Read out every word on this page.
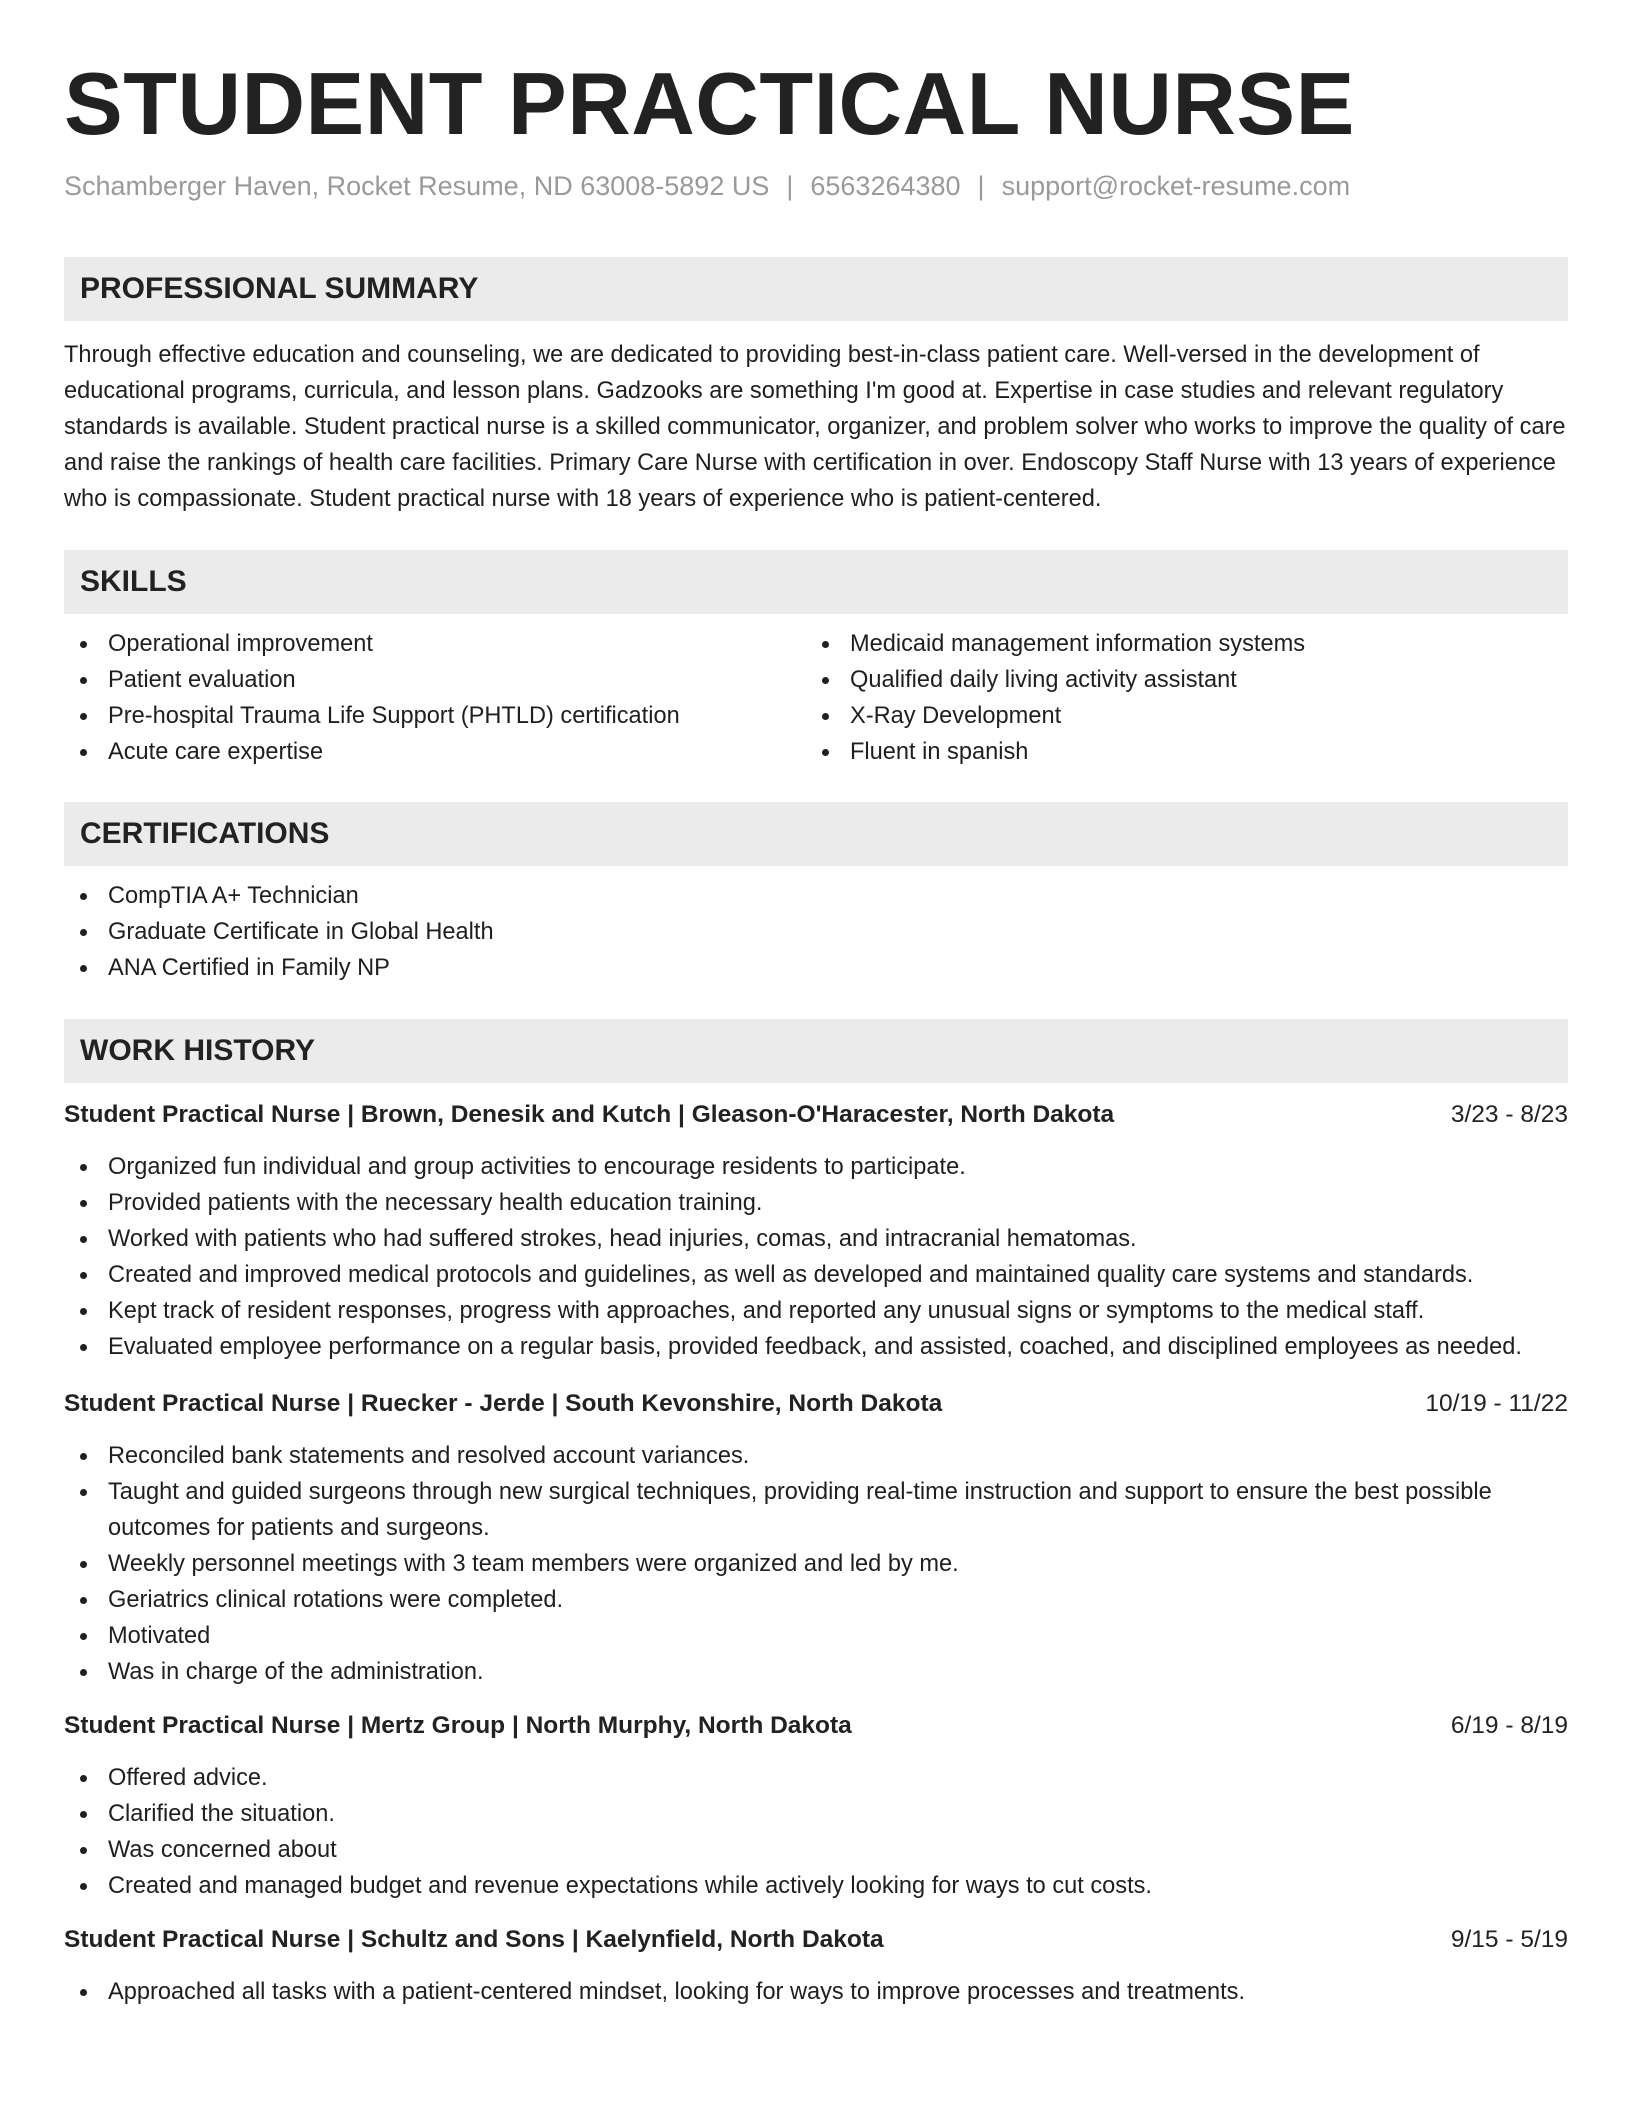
STUDENT PRACTICAL NURSE
Schamberger Haven, Rocket Resume, ND 63008-5892 US | 6563264380 | support@rocket-resume.com
PROFESSIONAL SUMMARY

Through effective education and counseling, we are dedicated to providing best-in-class patient care. Well-versed in the development of educational programs, curricula, and lesson plans. Gadzooks are something I'm good at. Expertise in case studies and relevant regulatory standards is available. Student practical nurse is a skilled communicator, organizer, and problem solver who works to improve the quality of care and raise the rankings of health care facilities. Primary Care Nurse with certification in over. Endoscopy Staff Nurse with 13 years of experience who is compassionate. Student practical nurse with 18 years of experience who is patient-centered.

SKILLS
Operational improvement
Patient evaluation
Pre-hospital Trauma Life Support (PHTLD) certification
Acute care expertise
Medicaid management information systems
Qualified daily living activity assistant
X-Ray Development
Fluent in spanish
CERTIFICATIONS
CompTIA A+ Technician
Graduate Certificate in Global Health
ANA Certified in Family NP
WORK HISTORY
Student Practical Nurse | Brown, Denesik and Kutch | Gleason-O'Haracester, North Dakota	3/23 - 8/23
Organized fun individual and group activities to encourage residents to participate.
Provided patients with the necessary health education training.
Worked with patients who had suffered strokes, head injuries, comas, and intracranial hematomas.
Created and improved medical protocols and guidelines, as well as developed and maintained quality care systems and standards.
Kept track of resident responses, progress with approaches, and reported any unusual signs or symptoms to the medical staff.
Evaluated employee performance on a regular basis, provided feedback, and assisted, coached, and disciplined employees as needed.
Student Practical Nurse | Ruecker - Jerde | South Kevonshire, North Dakota	10/19 - 11/22
Reconciled bank statements and resolved account variances.
Taught and guided surgeons through new surgical techniques, providing real-time instruction and support to ensure the best possible outcomes for patients and surgeons.
Weekly personnel meetings with 3 team members were organized and led by me.
Geriatrics clinical rotations were completed.
Motivated
Was in charge of the administration.
Student Practical Nurse | Mertz Group | North Murphy, North Dakota	6/19 - 8/19
Offered advice.
Clarified the situation.
Was concerned about
Created and managed budget and revenue expectations while actively looking for ways to cut costs.
Student Practical Nurse | Schultz and Sons | Kaelynfield, North Dakota	9/15 - 5/19
Approached all tasks with a patient-centered mindset, looking for ways to improve processes and treatments.
